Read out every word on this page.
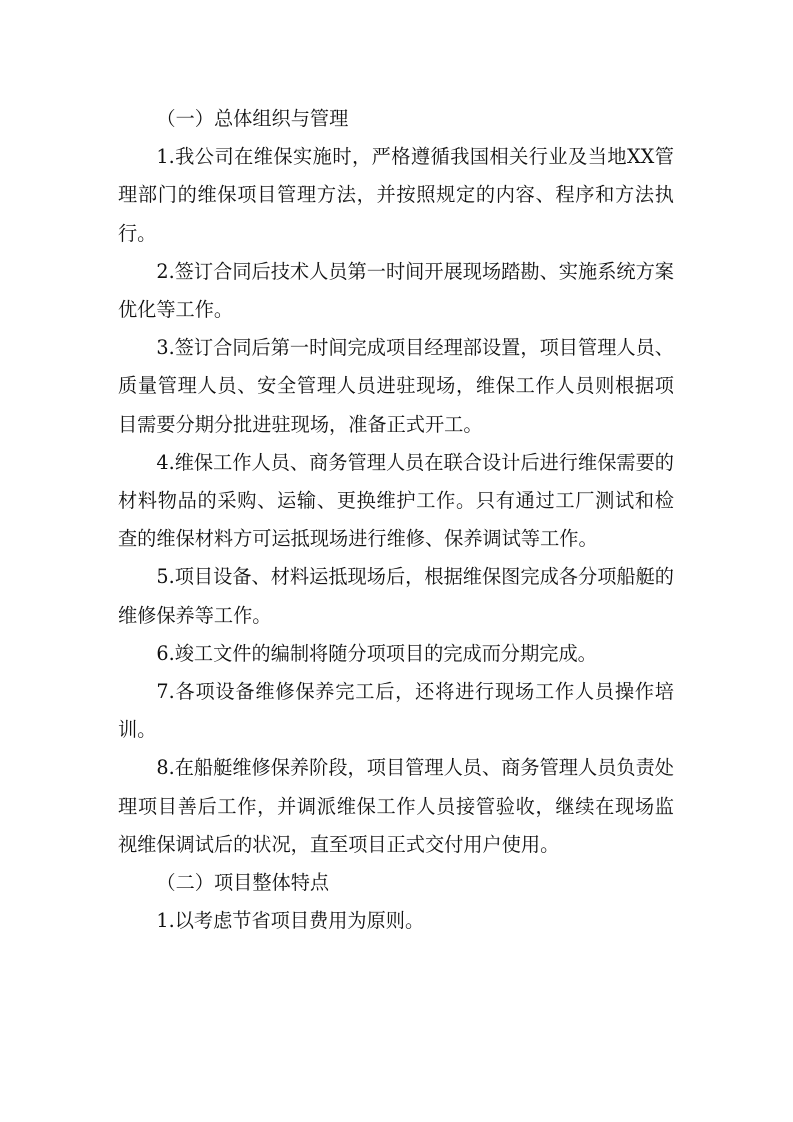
（一）总体组织与管理

1.我公司在维保实施时，严格遵循我国相关行业及当地XX管理部门的维保项目管理方法，并按照规定的内容、程序和方法执行。

2.签订合同后技术人员第一时间开展现场踏勘、实施系统方案优化等工作。

3.签订合同后第一时间完成项目经理部设置，项目管理人员、质量管理人员、安全管理人员进驻现场，维保工作人员则根据项目需要分期分批进驻现场，准备正式开工。

4.维保工作人员、商务管理人员在联合设计后进行维保需要的材料物品的采购、运输、更换维护工作。只有通过工厂测试和检查的维保材料方可运抵现场进行维修、保养调试等工作。

5.项目设备、材料运抵现场后，根据维保图完成各分项船艇的维修保养等工作。

6.竣工文件的编制将随分项项目的完成而分期完成。

7.各项设备维修保养完工后，还将进行现场工作人员操作培训。

8.在船艇维修保养阶段，项目管理人员、商务管理人员负责处理项目善后工作，并调派维保工作人员接管验收，继续在现场监视维保调试后的状况，直至项目正式交付用户使用。

（二）项目整体特点

1.以考虑节省项目费用为原则。
